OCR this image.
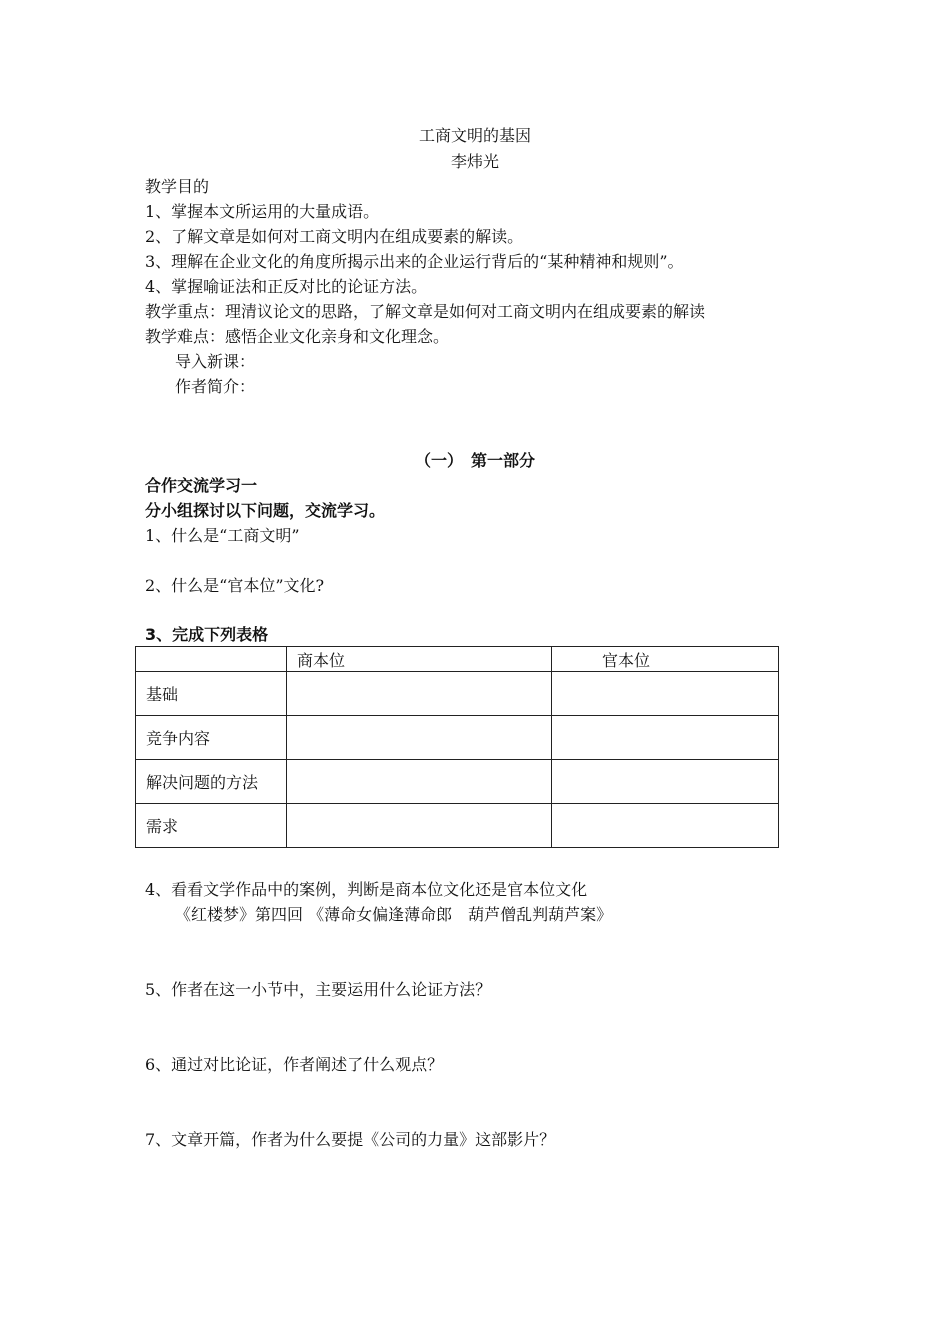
工商文明的基因
李炜光
教学目的
1、掌握本文所运用的大量成语。
2、了解文章是如何对工商文明内在组成要素的解读。
3、理解在企业文化的角度所揭示出来的企业运行背后的“某种精神和规则”。
4、掌握喻证法和正反对比的论证方法。
教学重点：理清议论文的思路，了解文章是如何对工商文明内在组成要素的解读
教学难点：感悟企业文化亲身和文化理念。
导入新课：
作者简介：
（一）　第一部分
合作交流学习一
分小组探讨以下问题，交流学习。
1、什么是“工商文明”
2、什么是“官本位”文化?
3、完成下列表格
	商本位	官本位
基础		
竞争内容		
解决问题的方法		
需求		
4、看看文学作品中的案例，判断是商本位文化还是官本位文化
《红楼梦》第四回 《薄命女偏逢薄命郎　葫芦僧乱判葫芦案》
5、作者在这一小节中，主要运用什么论证方法？
6、通过对比论证，作者阐述了什么观点？
7、文章开篇，作者为什么要提《公司的力量》这部影片？
